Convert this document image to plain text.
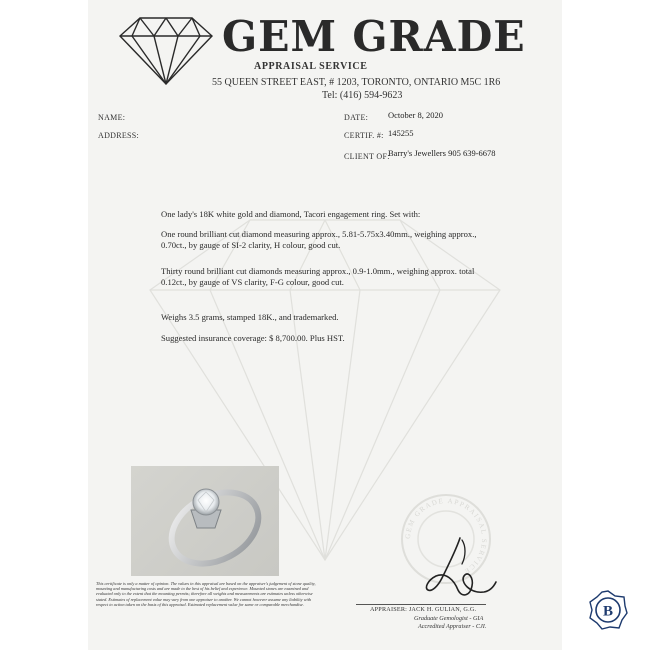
GEM GRADE
APPRAISAL SERVICE
55 QUEEN STREET EAST, # 1203, TORONTO, ONTARIO M5C 1R6
Tel: (416) 594-9623
NAME:
ADDRESS:
DATE: October 8, 2020
CERTIF. #: 145255
CLIENT OF:
Barry's Jewellers 905 639-6678
One lady's 18K white gold and diamond, Tacori engagement ring. Set with:
One round brilliant cut diamond measuring approx., 5.81-5.75x3.40mm., weighing approx., 0.70ct., by gauge of SI-2 clarity, H colour, good cut.
Thirty round brilliant cut diamonds measuring approx., 0.9-1.0mm., weighing approx. total 0.12ct., by gauge of VS clarity, F-G colour, good cut.
Weighs 3.5 grams, stamped 18K., and trademarked.
Suggested insurance coverage: $ 8,700.00. Plus HST.
This certificate is only a matter of opinion. The values in this appraisal are based on the appraiser's judgement of stone quality, mounting and manufacturing costs and are made to the best of his belief and experience. Mounted stones are examined and evaluated only to the extent that the mounting permits; therefore all weights and measurements are estimates unless otherwise stated. Estimates of replacement value may vary from one appraiser to another. We cannot however assume any liability with respect to action taken on the basis of this appraisal. Estimated replacement value for same or comparable merchandise.
GEM GRADE APPRAISAL SERVICE
APPRAISER: JACK H. GULIAN, G.G.
Graduate Gemologist - GIA
Accredited Appraiser - CJI.
B
